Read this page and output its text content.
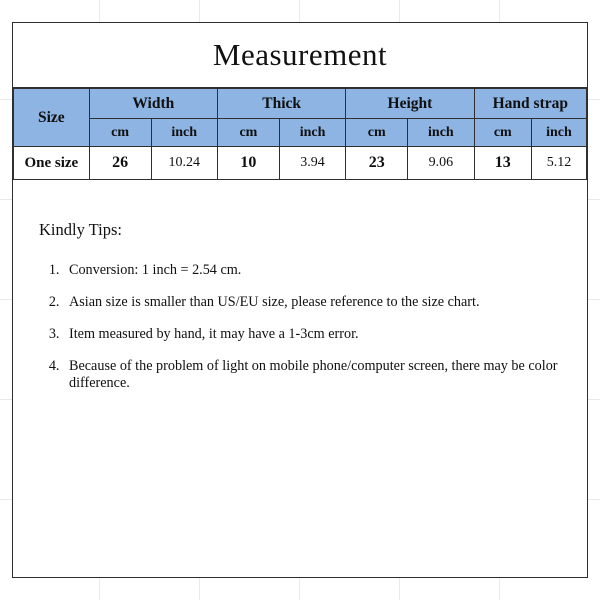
Measurement
Size	Width		Thick		Height		Hand strap	
	cm	inch	cm	inch	cm	inch	cm	inch
One size	26	10.24	10	3.94	23	9.06	13	5.12
Kindly Tips:
1. Conversion: 1 inch = 2.54 cm.
2. Asian size is smaller than US/EU size, please reference to the size chart.
3. Item measured by hand, it may have a 1-3cm error.
4. Because of the problem of light on mobile phone/computer screen, there may be color difference.
